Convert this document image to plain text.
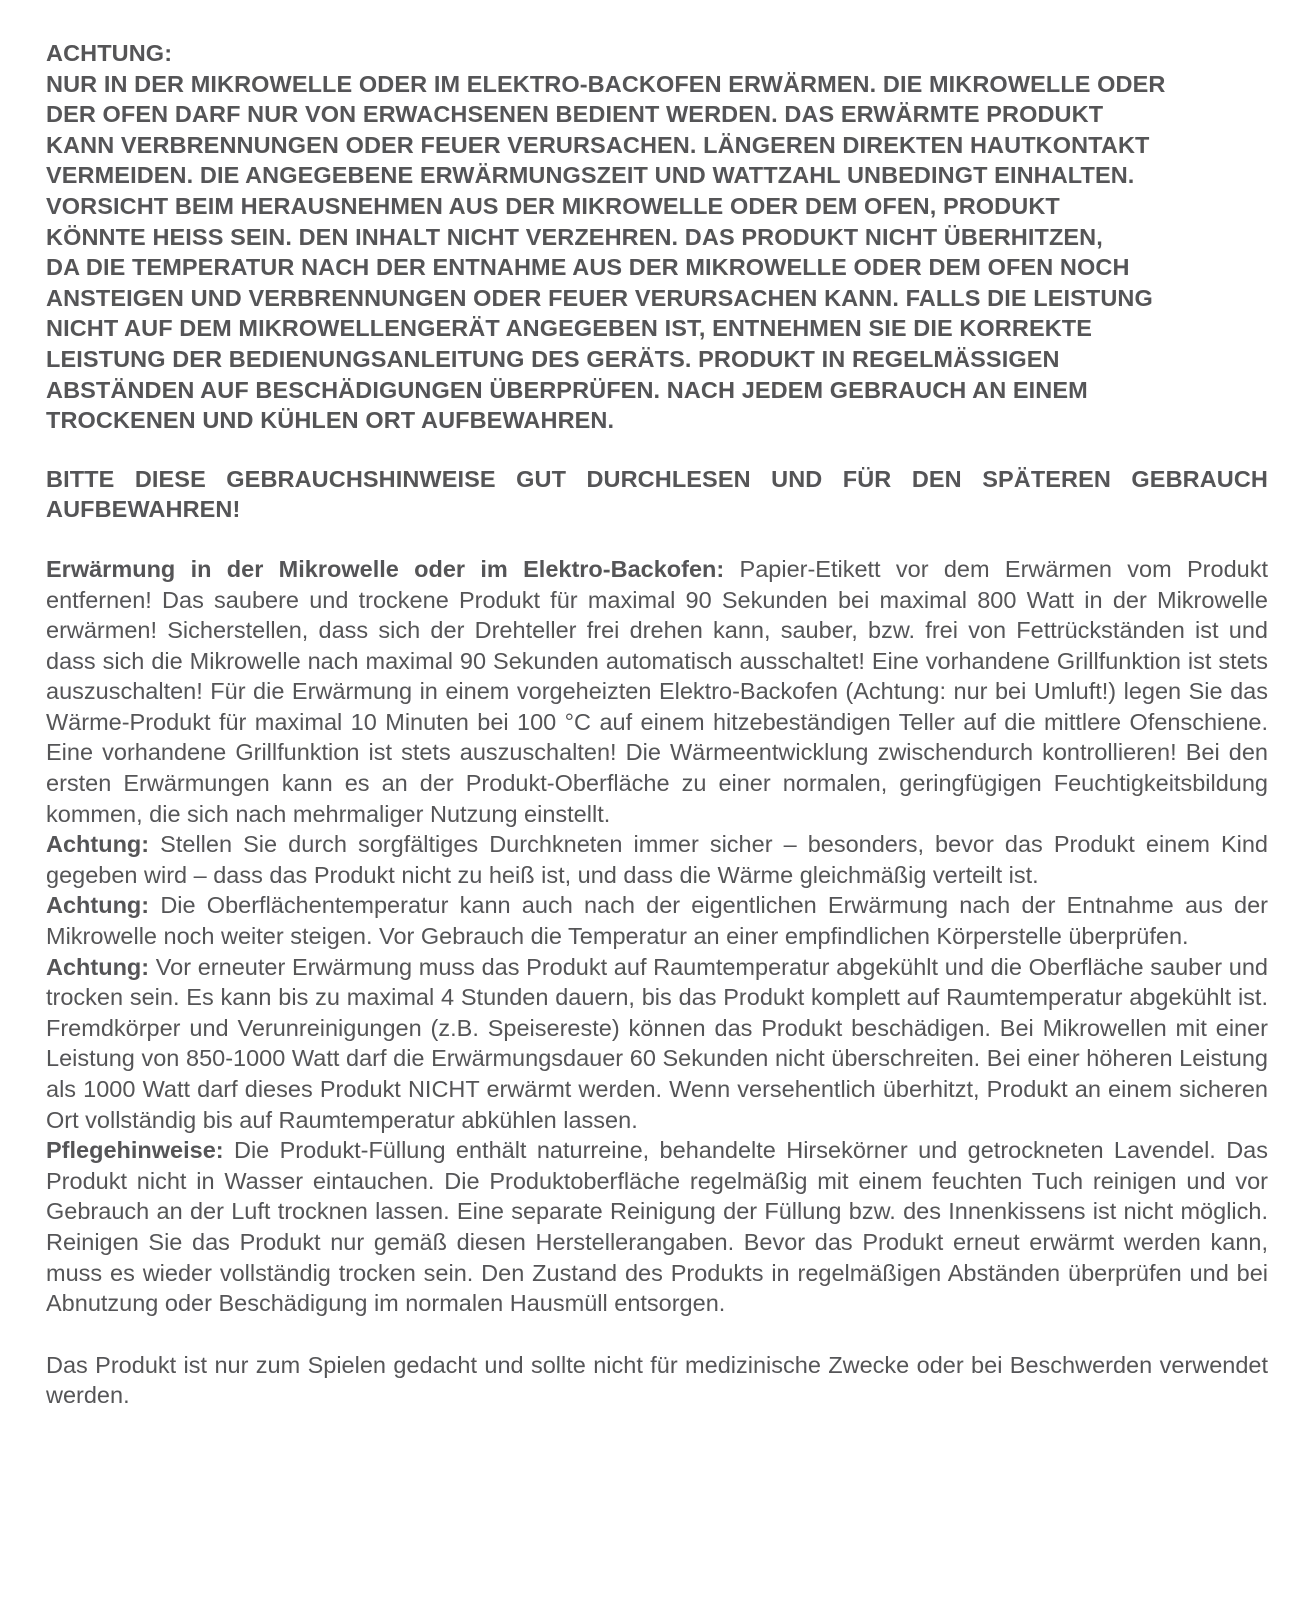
ACHTUNG:
NUR IN DER MIKROWELLE ODER IM ELEKTRO-BACKOFEN ERWÄRMEN. DIE MIKROWELLE ODER
DER OFEN DARF NUR VON ERWACHSENEN BEDIENT WERDEN. DAS ERWÄRMTE PRODUKT
KANN VERBRENNUNGEN ODER FEUER VERURSACHEN. LÄNGEREN DIREKTEN HAUTKONTAKT
VERMEIDEN. DIE ANGEGEBENE ERWÄRMUNGSZEIT UND WATTZAHL UNBEDINGT EINHALTEN.
VORSICHT BEIM HERAUSNEHMEN AUS DER MIKROWELLE ODER DEM OFEN, PRODUKT
KÖNNTE HEISS SEIN. DEN INHALT NICHT VERZEHREN. DAS PRODUKT NICHT ÜBERHITZEN,
DA DIE TEMPERATUR NACH DER ENTNAHME AUS DER MIKROWELLE ODER DEM OFEN NOCH
ANSTEIGEN UND VERBRENNUNGEN ODER FEUER VERURSACHEN KANN. FALLS DIE LEISTUNG
NICHT AUF DEM MIKROWELLENGERÄT ANGEGEBEN IST, ENTNEHMEN SIE DIE KORREKTE
LEISTUNG DER BEDIENUNGSANLEITUNG DES GERÄTS. PRODUKT IN REGELMÄSSIGEN
ABSTÄNDEN AUF BESCHÄDIGUNGEN ÜBERPRÜFEN. NACH JEDEM GEBRAUCH AN EINEM
TROCKENEN UND KÜHLEN ORT AUFBEWAHREN.

BITTE DIESE GEBRAUCHSHINWEISE GUT DURCHLESEN UND FÜR DEN SPÄTEREN GEBRAUCH AUFBEWAHREN!

Erwärmung in der Mikrowelle oder im Elektro-Backofen: Papier-Etikett vor dem Erwärmen vom Produkt entfernen! Das saubere und trockene Produkt für maximal 90 Sekunden bei maximal 800 Watt in der Mikrowelle erwärmen! Sicherstellen, dass sich der Drehteller frei drehen kann, sauber, bzw. frei von Fettrückständen ist und dass sich die Mikrowelle nach maximal 90 Sekunden automatisch ausschaltet! Eine vorhandene Grillfunktion ist stets auszuschalten! Für die Erwärmung in einem vorgeheizten Elektro-Backofen (Achtung: nur bei Umluft!) legen Sie das Wärme-Produkt für maximal 10 Minuten bei 100 °C auf einem hitzebeständigen Teller auf die mittlere Ofenschiene. Eine vorhandene Grillfunktion ist stets auszuschalten! Die Wärmeentwicklung zwischendurch kontrollieren! Bei den ersten Erwärmungen kann es an der Produkt-Oberfläche zu einer normalen, geringfügigen Feuchtigkeitsbildung kommen, die sich nach mehrmaliger Nutzung einstellt.

Achtung: Stellen Sie durch sorgfältiges Durchkneten immer sicher – besonders, bevor das Produkt einem Kind gegeben wird – dass das Produkt nicht zu heiß ist, und dass die Wärme gleichmäßig verteilt ist.

Achtung: Die Oberflächentemperatur kann auch nach der eigentlichen Erwärmung nach der Entnahme aus der Mikrowelle noch weiter steigen. Vor Gebrauch die Temperatur an einer empfindlichen Körperstelle überprüfen.

Achtung: Vor erneuter Erwärmung muss das Produkt auf Raumtemperatur abgekühlt und die Oberfläche sauber und trocken sein. Es kann bis zu maximal 4 Stunden dauern, bis das Produkt komplett auf Raumtemperatur abgekühlt ist. Fremdkörper und Verunreinigungen (z.B. Speisereste) können das Produkt beschädigen. Bei Mikrowellen mit einer Leistung von 850-1000 Watt darf die Erwärmungsdauer 60 Sekunden nicht überschreiten. Bei einer höheren Leistung als 1000 Watt darf dieses Produkt NICHT erwärmt werden. Wenn versehentlich überhitzt, Produkt an einem sicheren Ort vollständig bis auf Raumtemperatur abkühlen lassen.

Pflegehinweise: Die Produkt-Füllung enthält naturreine, behandelte Hirsekörner und getrockneten Lavendel. Das Produkt nicht in Wasser eintauchen. Die Produktoberfläche regelmäßig mit einem feuchten Tuch reinigen und vor Gebrauch an der Luft trocknen lassen. Eine separate Reinigung der Füllung bzw. des Innenkissens ist nicht möglich. Reinigen Sie das Produkt nur gemäß diesen Herstellerangaben. Bevor das Produkt erneut erwärmt werden kann, muss es wieder vollständig trocken sein. Den Zustand des Produkts in regelmäßigen Abständen überprüfen und bei Abnutzung oder Beschädigung im normalen Hausmüll entsorgen.

Das Produkt ist nur zum Spielen gedacht und sollte nicht für medizinische Zwecke oder bei Beschwerden verwendet werden.
